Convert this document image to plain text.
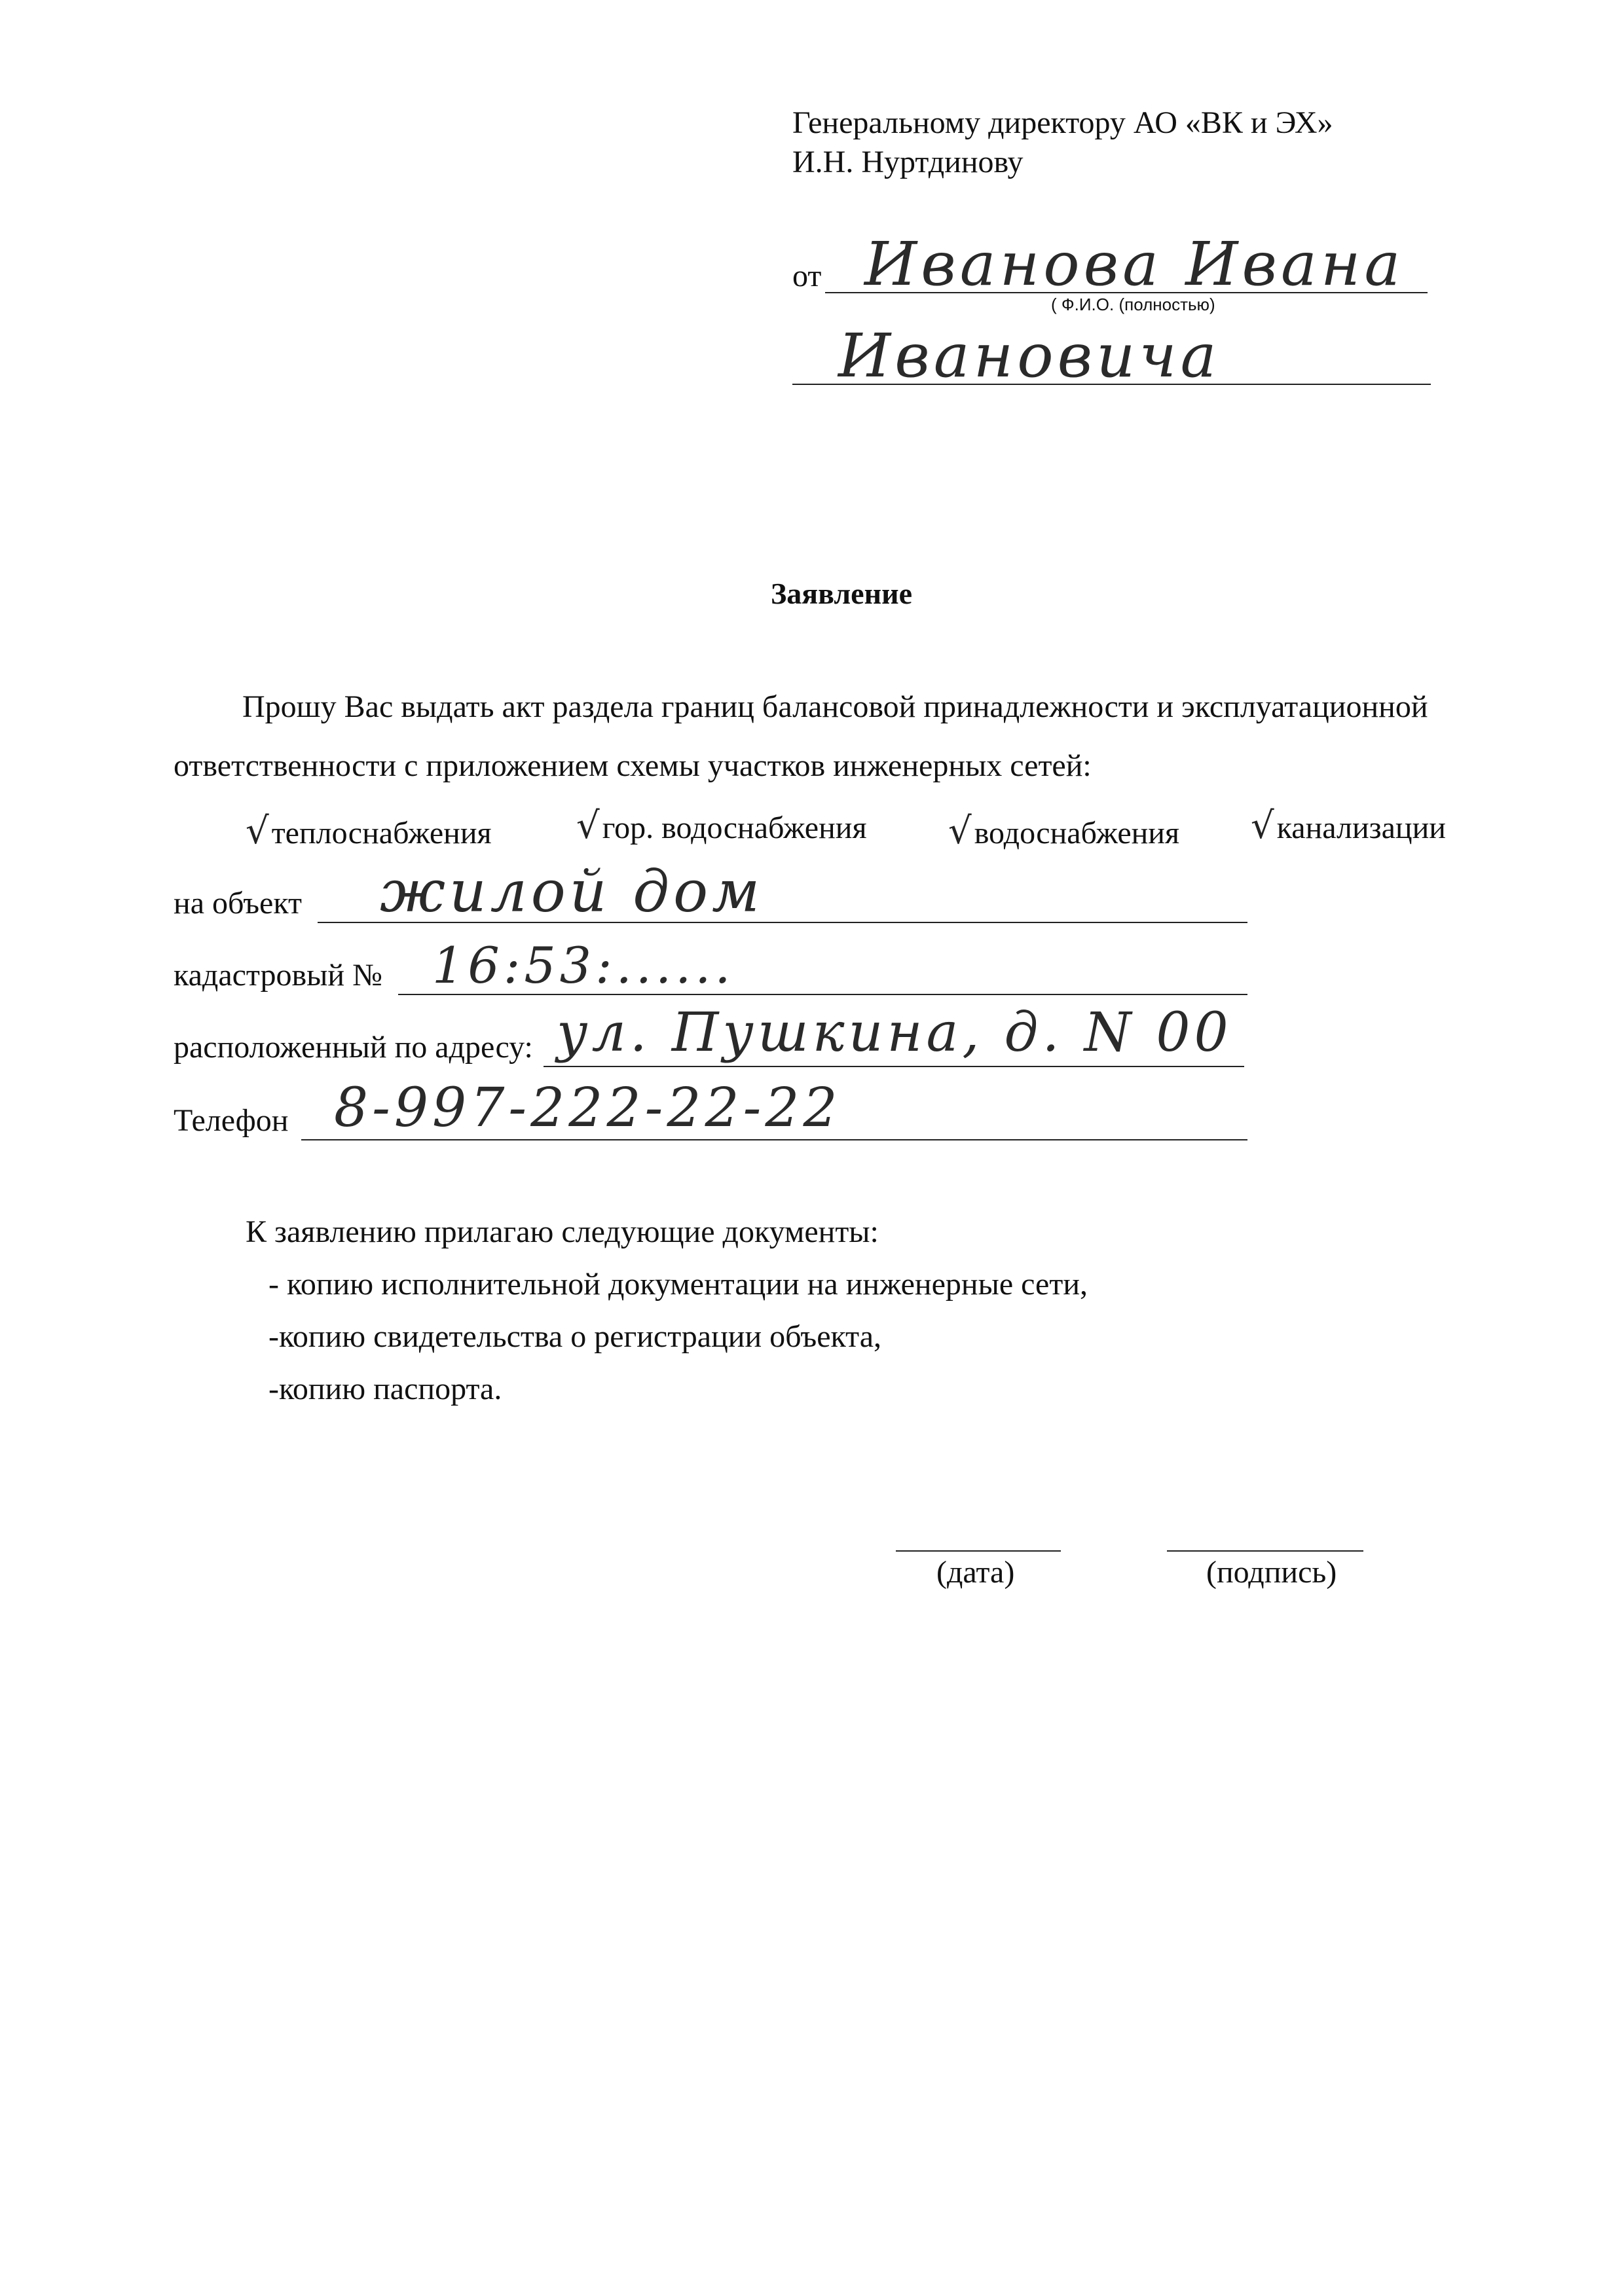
Генеральному директору АО «ВК и ЭХ»
И.Н. Нуртдинову
от Иванова Ивана
( Ф.И.О. (полностью)
Ивановича
Заявление
Прошу Вас выдать акт раздела границ балансовой принадлежности и эксплуатационной
ответственности с приложением схемы участков инженерных сетей:
√ теплоснабжения √ гор. водоснабжения √ водоснабжения √ канализации
на объект жилой дом
кадастровый № 16:53:......
расположенный по адресу: ул. Пушкина, д. N 00
Телефон 8-997-222-22-22
К заявлению прилагаю следующие документы:
- копию исполнительной документации на инженерные сети,
-копию свидетельства о регистрации объекта,
-копию паспорта.
(дата)	(подпись)
